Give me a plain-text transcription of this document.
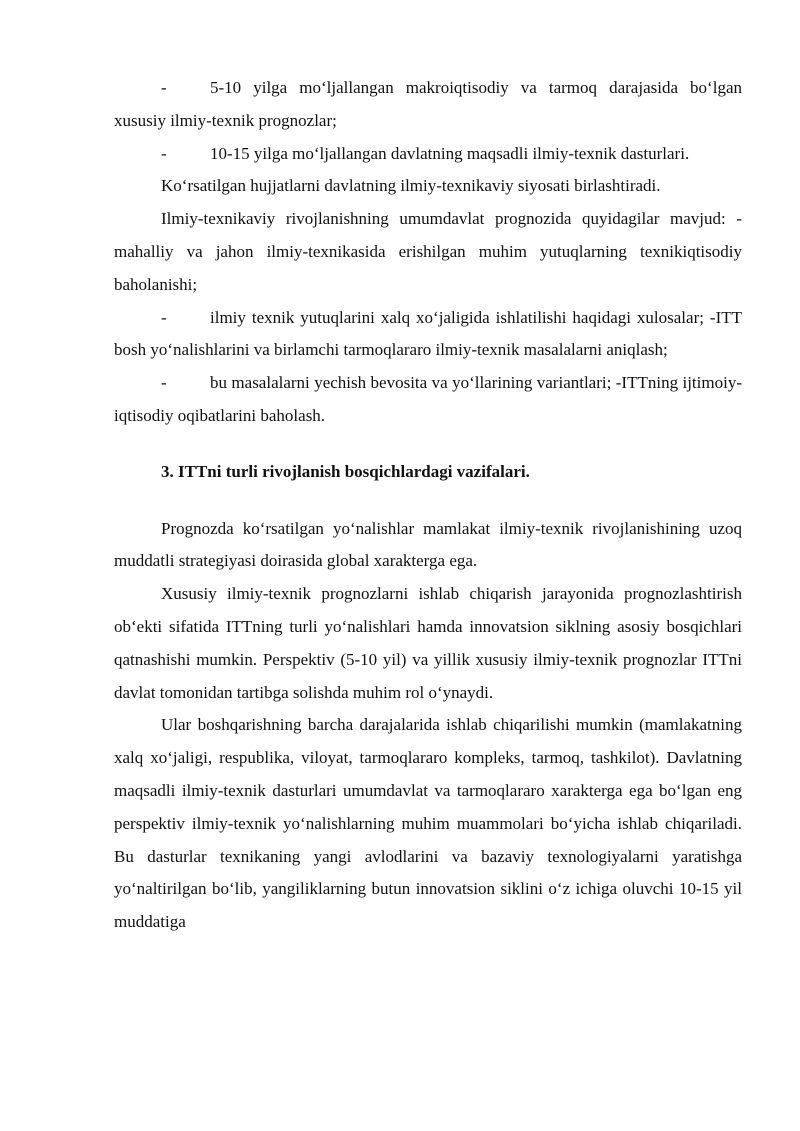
-	5-10 yilga mo‘ljallangan makroiqtisodiy va tarmoq darajasida bo‘lgan xususiy ilmiy-texnik prognozlar;

-	10-15 yilga mo‘ljallangan davlatning maqsadli ilmiy-texnik dasturlari.

Ko‘rsatilgan hujjatlarni davlatning ilmiy-texnikaviy siyosati birlashtiradi.

Ilmiy-texnikaviy rivojlanishning umumdavlat prognozida quyidagilar mavjud: -mahalliy va jahon ilmiy-texnikasida erishilgan muhim yutuqlarning texnikiqtisodiy baholanishi;

-	ilmiy texnik yutuqlarini xalq xo‘jaligida ishlatilishi haqidagi xulosalar; -ITT bosh yo‘nalishlarini va birlamchi tarmoqlararo ilmiy-texnik masalalarni aniqlash;

-	bu masalalarni yechish bevosita va yo‘llarining variantlari; -ITTning ijtimoiy-iqtisodiy oqibatlarini baholash.

3. ITTni turli rivojlanish bosqichlardagi vazifalari.

Prognozda ko‘rsatilgan yo‘nalishlar mamlakat ilmiy-texnik rivojlanishining uzoq muddatli strategiyasi doirasida global xarakterga ega.

Xususiy ilmiy-texnik prognozlarni ishlab chiqarish jarayonida prognozlashtirish ob‘ekti sifatida ITTning turli yo‘nalishlari hamda innovatsion siklning asosiy bosqichlari qatnashishi mumkin. Perspektiv (5-10 yil) va yillik xususiy ilmiy-texnik prognozlar ITTni davlat tomonidan tartibga solishda muhim rol o‘ynaydi.

Ular boshqarishning barcha darajalarida ishlab chiqarilishi mumkin (mamlakatning xalq xo‘jaligi, respublika, viloyat, tarmoqlararo kompleks, tarmoq, tashkilot). Davlatning maqsadli ilmiy-texnik dasturlari umumdavlat va tarmoqlararo xarakterga ega bo‘lgan eng perspektiv ilmiy-texnik yo‘nalishlarning muhim muammolari bo‘yicha ishlab chiqariladi. Bu dasturlar texnikaning yangi avlodlarini va bazaviy texnologiyalarni yaratishga yo‘naltirilgan bo‘lib, yangiliklarning butun innovatsion siklini o‘z ichiga oluvchi 10-15 yil muddatiga
